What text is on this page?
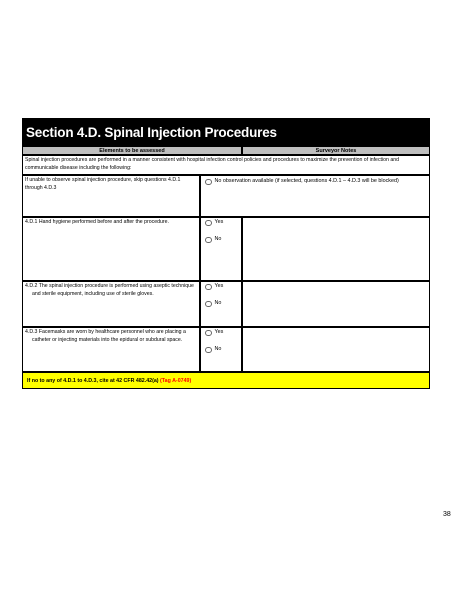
Section 4.D. Spinal Injection Procedures
Elements to be assessed	Surveyor Notes
Spinal injection procedures are performed in a manner consistent with hospital infection control policies and procedures to maximize the prevention of infection and communicable disease including the following:
If unable to observe spinal injection procedure, skip questions 4.D.1 through 4.D.3
No observation available (if selected, questions 4.D.1 – 4.D.3 will be blocked)
4.D.1 Hand hygiene performed before and after the procedure.	Yes
No
4.D.2 The spinal injection procedure is performed using aseptic technique and sterile equipment, including use of sterile gloves.
Yes
No
4.D.3 Facemasks are worn by healthcare personnel who are placing a catheter or injecting materials into the epidural or subdural space.
Yes
No
If no to any of 4.D.1 to 4.D.3, cite at 42 CFR 482.42(a) (Tag A-0749)
38
